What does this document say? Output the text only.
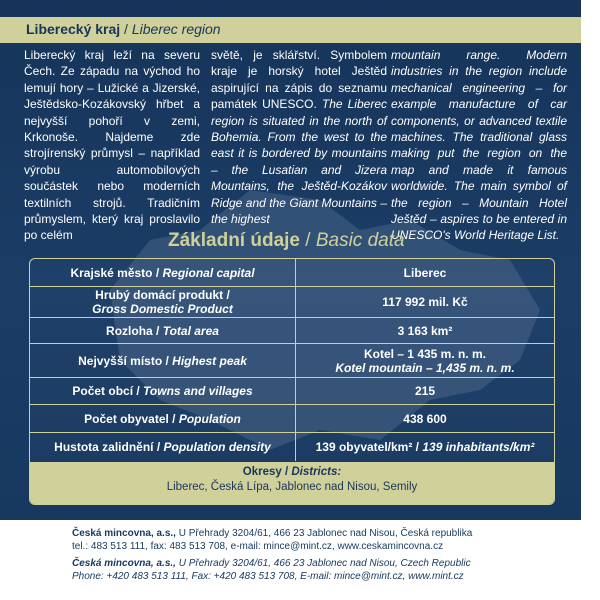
Liberecký kraj / Liberec region
Liberecký kraj leží na severu Čech. Ze západu na východ ho lemují hory – Lužické a Jizerské, Ještědsko-Kozákovský hřbet a nejvyšší pohoří v zemi, Krkonoše. Najdeme zde strojírenský průmysl – například výrobu automobilových součástek nebo moderních textilních strojů. Tradičním průmyslem, který kraj proslavilo po celém
světě, je sklářství. Symbolem kraje je horský hotel Ještěd aspirující na zápis do seznamu památek UNESCO. The Liberec region is situated in the north of Bohemia. From the west to the east it is bordered by mountains – the Lusatian and Jizera Mountains, the Ještěd-Kozákov Ridge and the Giant Mountains – the highest
mountain range. Modern industries in the region include mechanical engineering – for example manufacture of car components, or advanced textile machines. The traditional glass making put the region on the map and made it famous worldwide. The main symbol of the region – Mountain Hotel Ještěd – aspires to be entered in UNESCO's World Heritage List.
Základní údaje / Basic data
Krajské město / Regional capital	Liberec
Hrubý domácí produkt /
Gross Domestic Product	117 992 mil. Kč
Rozloha / Total area	3 163 km²
Nejvyšší místo / Highest peak	Kotel – 1 435 m. n. m.
Kotel mountain – 1,435 m. n. m.
Počet obcí / Towns and villages	215
Počet obyvatel / Population	438 600
Hustota zalidnění / Population density	139 obyvatel/km² / 139 inhabitants/km²
Okresy / Districts:
Liberec, Česká Lípa, Jablonec nad Nisou, Semily
Česká mincovna, a.s., U Přehrady 3204/61, 466 23 Jablonec nad Nisou, Česká republika
tel.: 483 513 111, fax: 483 513 708, e-mail: mince@mint.cz, www.ceskamincovna.cz
Česká mincovna, a.s., U Přehrady 3204/61, 466 23 Jablonec nad Nisou, Czech Republic
Phone: +420 483 513 111, Fax: +420 483 513 708, E-mail: mince@mint.cz, www.mint.cz
